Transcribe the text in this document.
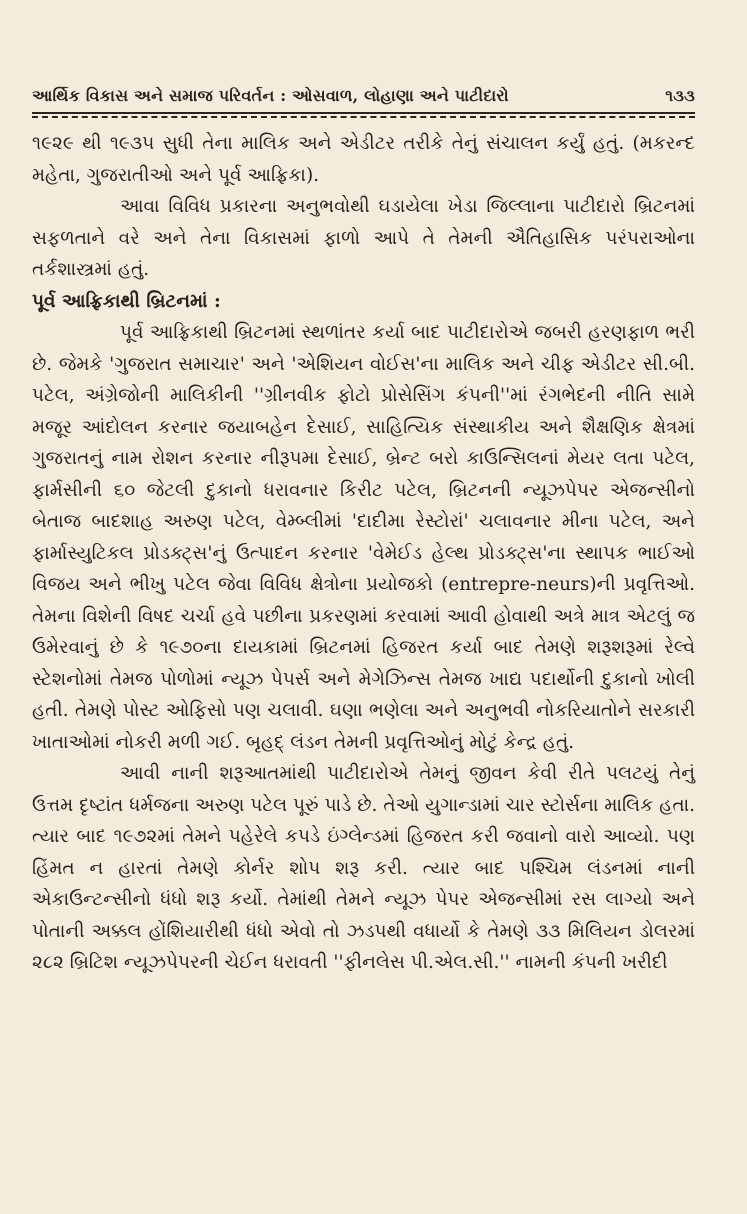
આર્થિક વિકાસ અને સમાજ પરિવર્તન : ઓસવાળ, લોહાણા અને પાટીદારો	૧૩૩

૧૯૨૯ થી ૧૯૩૫ સુધી તેના માલિક અને એડીટર તરીકે તેનું સંચાલન કર્યું હતું. (મકરન્દ મહેતા, ગુજરાતીઓ અને પૂર્વ આફ્રિકા).

આવા વિવિધ પ્રકારના અનુભવોથી ઘડાયેલા ખેડા જિલ્લાના પાટીદારો બ્રિટનમાં સફળતાને વરે અને તેના વિકાસમાં ફાળો આપે તે તેમની ઐતિહાસિક પરંપરાઓના તર્કશાસ્ત્રમાં હતું.

પૂર્વ આફ્રિકાથી બ્રિટનમાં :

પૂર્વ આફ્રિકાથી બ્રિટનમાં સ્થળાંતર કર્યા બાદ પાટીદારોએ જબરી હરણફાળ ભરી છે. જેમકે 'ગુજરાત સમાચાર' અને 'એશિયન વોઈસ'ના માલિક અને ચીફ એડીટર સી.બી. પટેલ, અંગ્રેજોની માલિકીની ''ગ્રીનવીક ફોટો પ્રોસેસિંગ કંપની''માં રંગભેદની નીતિ સામે મજૂર આંદોલન કરનાર જયાબહેન દેસાઈ, સાહિત્યિક સંસ્થાકીય અને શૈક્ષણિક ક્ષેત્રમાં ગુજરાતનું નામ રોશન કરનાર નીરૂપમા દેસાઈ, બ્રેન્ટ બરો કાઉન્સિલનાં મેયર લતા પટેલ, ફાર્મસીની ૬૦ જેટલી દુકાનો ધરાવનાર કિરીટ પટેલ, બ્રિટનની ન્યૂઝપેપર એજન્સીનો બેતાજ બાદશાહ અરુણ પટેલ, વેમ્બ્લીમાં 'દાદીમા રેસ્ટોરાં' ચલાવનાર મીના પટેલ, અને ફાર્માસ્યુટિકલ પ્રોડક્ટ્સ'નું ઉત્પાદન કરનાર 'વેમેઈડ હેલ્થ પ્રોડક્ટ્સ'ના સ્થાપક ભાઈઓ વિજય અને ભીખુ પટેલ જેવા વિવિધ ક્ષેત્રોના પ્રયોજકો (entrepre-neurs)ની પ્રવૃત્તિઓ. તેમના વિશેની વિષદ ચર્ચા હવે પછીના પ્રકરણમાં કરવામાં આવી હોવાથી અત્રે માત્ર એટલું જ ઉમેરવાનું છે કે ૧૯૭૦ના દાયકામાં બ્રિટનમાં હિજરત કર્યા બાદ તેમણે શરૂશરૂમાં રેલ્વે સ્ટેશનોમાં તેમજ પોળોમાં ન્યૂઝ પેપર્સ અને મેગેઝિન્સ તેમજ ખાદ્ય પદાર્થોની દુકાનો ખોલી હતી. તેમણે પોસ્ટ ઓફિસો પણ ચલાવી. ઘણા ભણેલા અને અનુભવી નોકરિયાતોને સરકારી ખાતાઓમાં નોકરી મળી ગઈ. બૃહદ્ લંડન તેમની પ્રવૃત્તિઓનું મોટું કેન્દ્ર હતું.

આવી નાની શરૂઆતમાંથી પાટીદારોએ તેમનું જીવન કેવી રીતે પલટયું તેનું ઉત્તમ દૃષ્ટાંત ધર્મજના અરુણ પટેલ પૂરું પાડે છે. તેઓ યુગાન્ડામાં ચાર સ્ટોર્સના માલિક હતા. ત્યાર બાદ ૧૯૭૨માં તેમને પહેરેલે કપડે ઇંગ્લેન્ડમાં હિજરત કરી જવાનો વારો આવ્યો. પણ હિંમત ન હારતાં તેમણે કોર્નર શોપ શરૂ કરી. ત્યાર બાદ પશ્ચિમ લંડનમાં નાની એકાઉન્ટન્સીનો ધંધો શરૂ કર્યો. તેમાંથી તેમને ન્યૂઝ પેપર એજન્સીમાં રસ લાગ્યો અને પોતાની અક્કલ હોંશિયારીથી ધંધો એવો તો ઝડપથી વધાર્યો કે તેમણે ૩૩ મિલિયન ડોલરમાં ૨૮૨ બ્રિટિશ ન્યૂઝપેપરની ચેઈન ધરાવતી ''ફીનલેસ પી.એલ.સી.'' નામની કંપની ખરીદી
